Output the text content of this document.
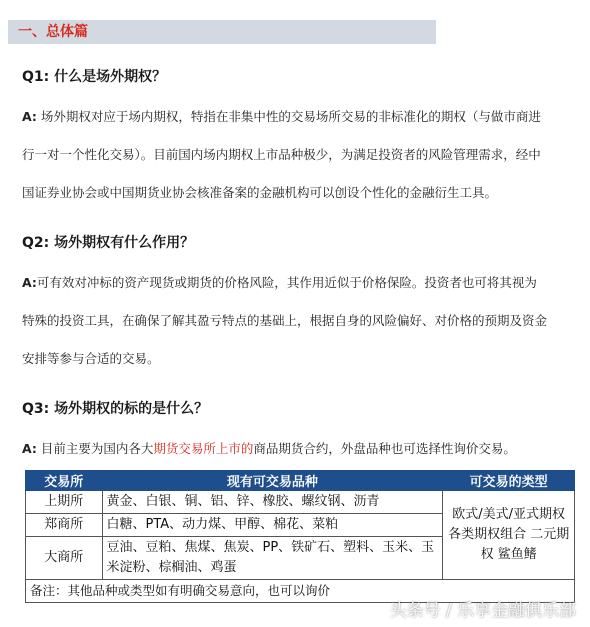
一、总体篇
Q1: 什么是场外期权？
A: 场外期权对应于场内期权，特指在非集中性的交易场所交易的非标准化的期权（与做市商进
行一对一个性化交易）。目前国内场内期权上市品种极少，为满足投资者的风险管理需求，经中
国证券业协会或中国期货业协会核准备案的金融机构可以创设个性化的金融衍生工具。
Q2: 场外期权有什么作用？
A:可有效对冲标的资产现货或期货的价格风险，其作用近似于价格保险。投资者也可将其视为
特殊的投资工具，在确保了解其盈亏特点的基础上，根据自身的风险偏好、对价格的预期及资金
安排等参与合适的交易。
Q3: 场外期权的标的是什么？
A: 目前主要为国内各大期货交易所上市的商品期货合约，外盘品种也可选择性询价交易。
交易所	现有可交易品种	可交易的类型
上期所	黄金、白银、铜、铝、锌、橡胶、螺纹钢、沥青	欧式/美式/亚式期权 各类期权组合 二元期权 鲨鱼鳍
郑商所	白糖、PTA、动力煤、甲醇、棉花、菜粕	
大商所	豆油、豆粕、焦煤、焦炭、PP、铁矿石、塑料、玉米、玉米淀粉、棕榈油、鸡蛋	
备注：其他品种或类型如有明确交易意向，也可以询价		
头条号 / 乐享金融俱乐部
